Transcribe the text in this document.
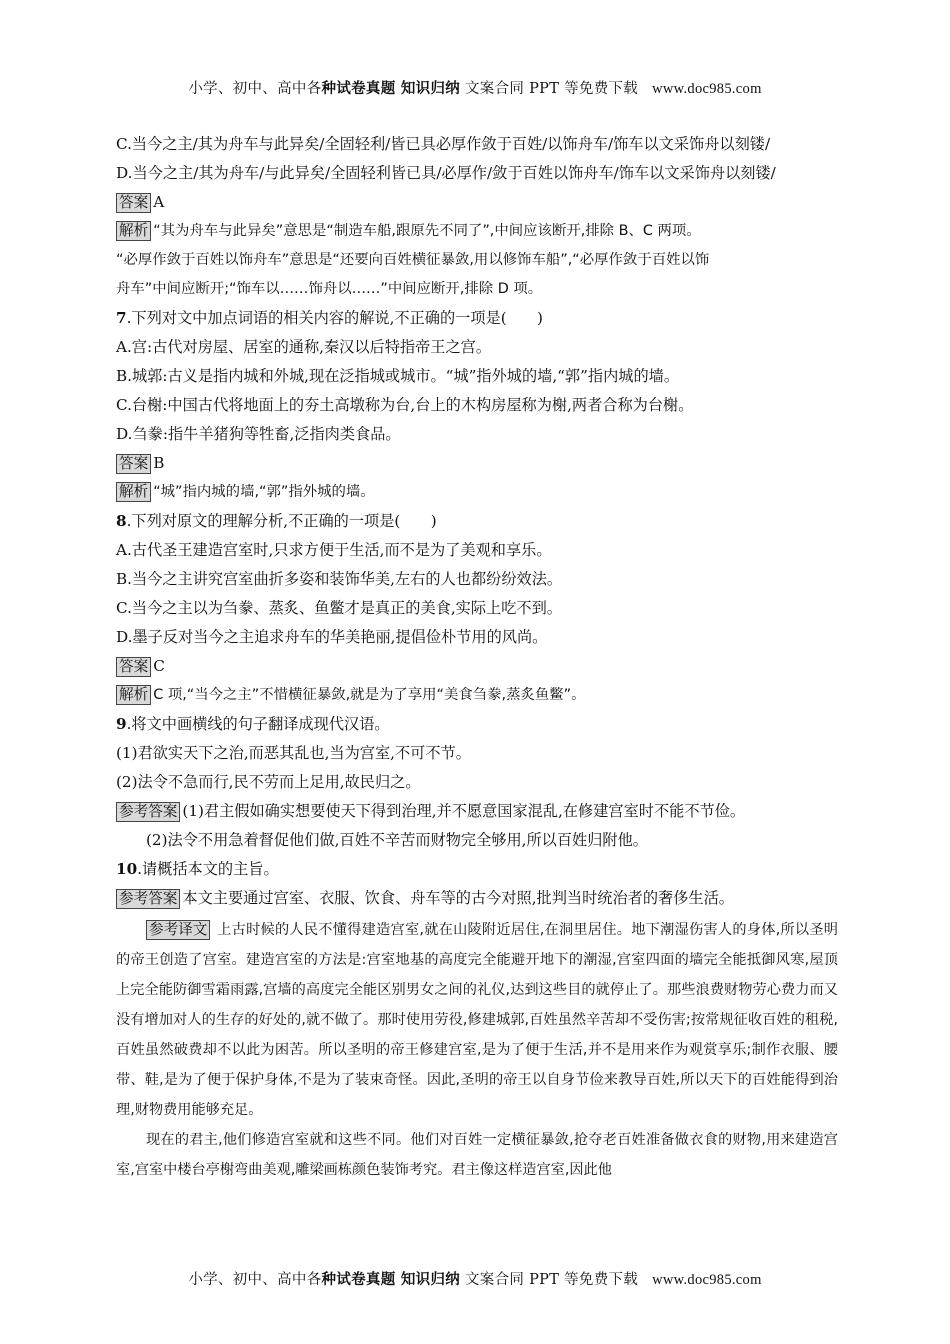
小学、初中、高中各种试卷真题 知识归纳 文案合同 PPT 等免费下载 www.doc985.com
C.当今之主/其为舟车与此异矣/全固轻利/皆已具必厚作敛于百姓/以饰舟车/饰车以文采饰舟以刻镂/
D.当今之主/其为舟车/与此异矣/全固轻利皆已具/必厚作/敛于百姓以饰舟车/饰车以文采饰舟以刻镂/
答案 A
解析 “其为舟车与此异矣”意思是“制造车船,跟原先不同了”,中间应该断开,排除 B、C 两项。
“必厚作敛于百姓以饰舟车”意思是“还要向百姓横征暴敛,用以修饰车船”,“必厚作敛于百姓以饰
舟车”中间应断开;“饰车以……饰舟以……”中间应断开,排除 D 项。
7.下列对文中加点词语的相关内容的解说,不正确的一项是(　　)
A.宫:古代对房屋、居室的通称,秦汉以后特指帝王之宫。
B.城郭:古义是指内城和外城,现在泛指城或城市。“城”指外城的墙,“郭”指内城的墙。
C.台榭:中国古代将地面上的夯土高墩称为台,台上的木构房屋称为榭,两者合称为台榭。
D.刍豢:指牛羊猪狗等牲畜,泛指肉类食品。
答案 B
解析 “城”指内城的墙,“郭”指外城的墙。
8.下列对原文的理解分析,不正确的一项是(　　)
A.古代圣王建造宫室时,只求方便于生活,而不是为了美观和享乐。
B.当今之主讲究宫室曲折多姿和装饰华美,左右的人也都纷纷效法。
C.当今之主以为刍豢、蒸炙、鱼鳖才是真正的美食,实际上吃不到。
D.墨子反对当今之主追求舟车的华美艳丽,提倡俭朴节用的风尚。
答案 C
解析 C 项,“当今之主”不惜横征暴敛,就是为了享用“美食刍豢,蒸炙鱼鳖”。
9.将文中画横线的句子翻译成现代汉语。
(1)君欲实天下之治,而恶其乱也,当为宫室,不可不节。
(2)法令不急而行,民不劳而上足用,故民归之。
参考答案 (1)君主假如确实想要使天下得到治理,并不愿意国家混乱,在修建宫室时不能不节俭。
(2)法令不用急着督促他们做,百姓不辛苦而财物完全够用,所以百姓归附他。
10.请概括本文的主旨。
参考答案 本文主要通过宫室、衣服、饮食、舟车等的古今对照,批判当时统治者的奢侈生活。
参考译文 上古时候的人民不懂得建造宫室,就在山陵附近居住,在洞里居住。地下潮湿伤害人的身体,所以圣明的帝王创造了宫室。建造宫室的方法是:宫室地基的高度完全能避开地下的潮湿,宫室四面的墙完全能抵御风寒,屋顶上完全能防御雪霜雨露,宫墙的高度完全能区别男女之间的礼仪,达到这些目的就停止了。那些浪费财物劳心费力而又没有增加对人的生存的好处的,就不做了。那时使用劳役,修建城郭,百姓虽然辛苦却不受伤害;按常规征收百姓的租税,百姓虽然破费却不以此为困苦。所以圣明的帝王修建宫室,是为了便于生活,并不是用来作为观赏享乐;制作衣服、腰带、鞋,是为了便于保护身体,不是为了装束奇怪。因此,圣明的帝王以自身节俭来教导百姓,所以天下的百姓能得到治理,财物费用能够充足。
现在的君主,他们修造宫室就和这些不同。他们对百姓一定横征暴敛,抢夺老百姓准备做衣食的财物,用来建造宫室,宫室中楼台亭榭弯曲美观,雕梁画栋颜色装饰考究。君主像这样造宫室,因此他
小学、初中、高中各种试卷真题 知识归纳 文案合同 PPT 等免费下载 www.doc985.com
